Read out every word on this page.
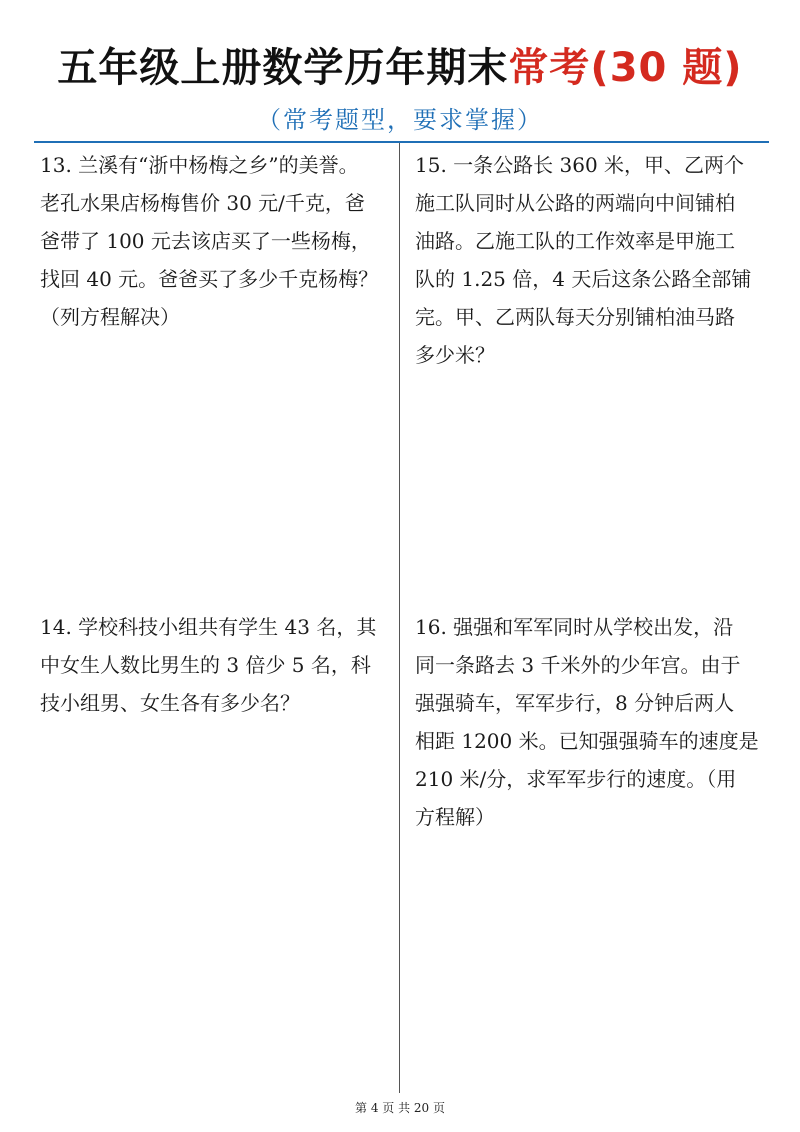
五年级上册数学历年期末常考(30 题)
（常考题型，要求掌握）
13. 兰溪有“浙中杨梅之乡”的美誉。
老孔水果店杨梅售价 30 元/千克，爸
爸带了 100 元去该店买了一些杨梅，
找回 40 元。爸爸买了多少千克杨梅？
（列方程解决）
15. 一条公路长 360 米，甲、乙两个
施工队同时从公路的两端向中间铺柏
油路。乙施工队的工作效率是甲施工
队的 1.25 倍，4 天后这条公路全部铺
完。甲、乙两队每天分别铺柏油马路
多少米？
14. 学校科技小组共有学生 43 名，其
中女生人数比男生的 3 倍少 5 名，科
技小组男、女生各有多少名？
16. 强强和军军同时从学校出发，沿
同一条路去 3 千米外的少年宫。由于
强强骑车，军军步行，8 分钟后两人
相距 1200 米。已知强强骑车的速度是
210 米/分，求军军步行的速度。（用
方程解）
第 4 页 共 20 页
